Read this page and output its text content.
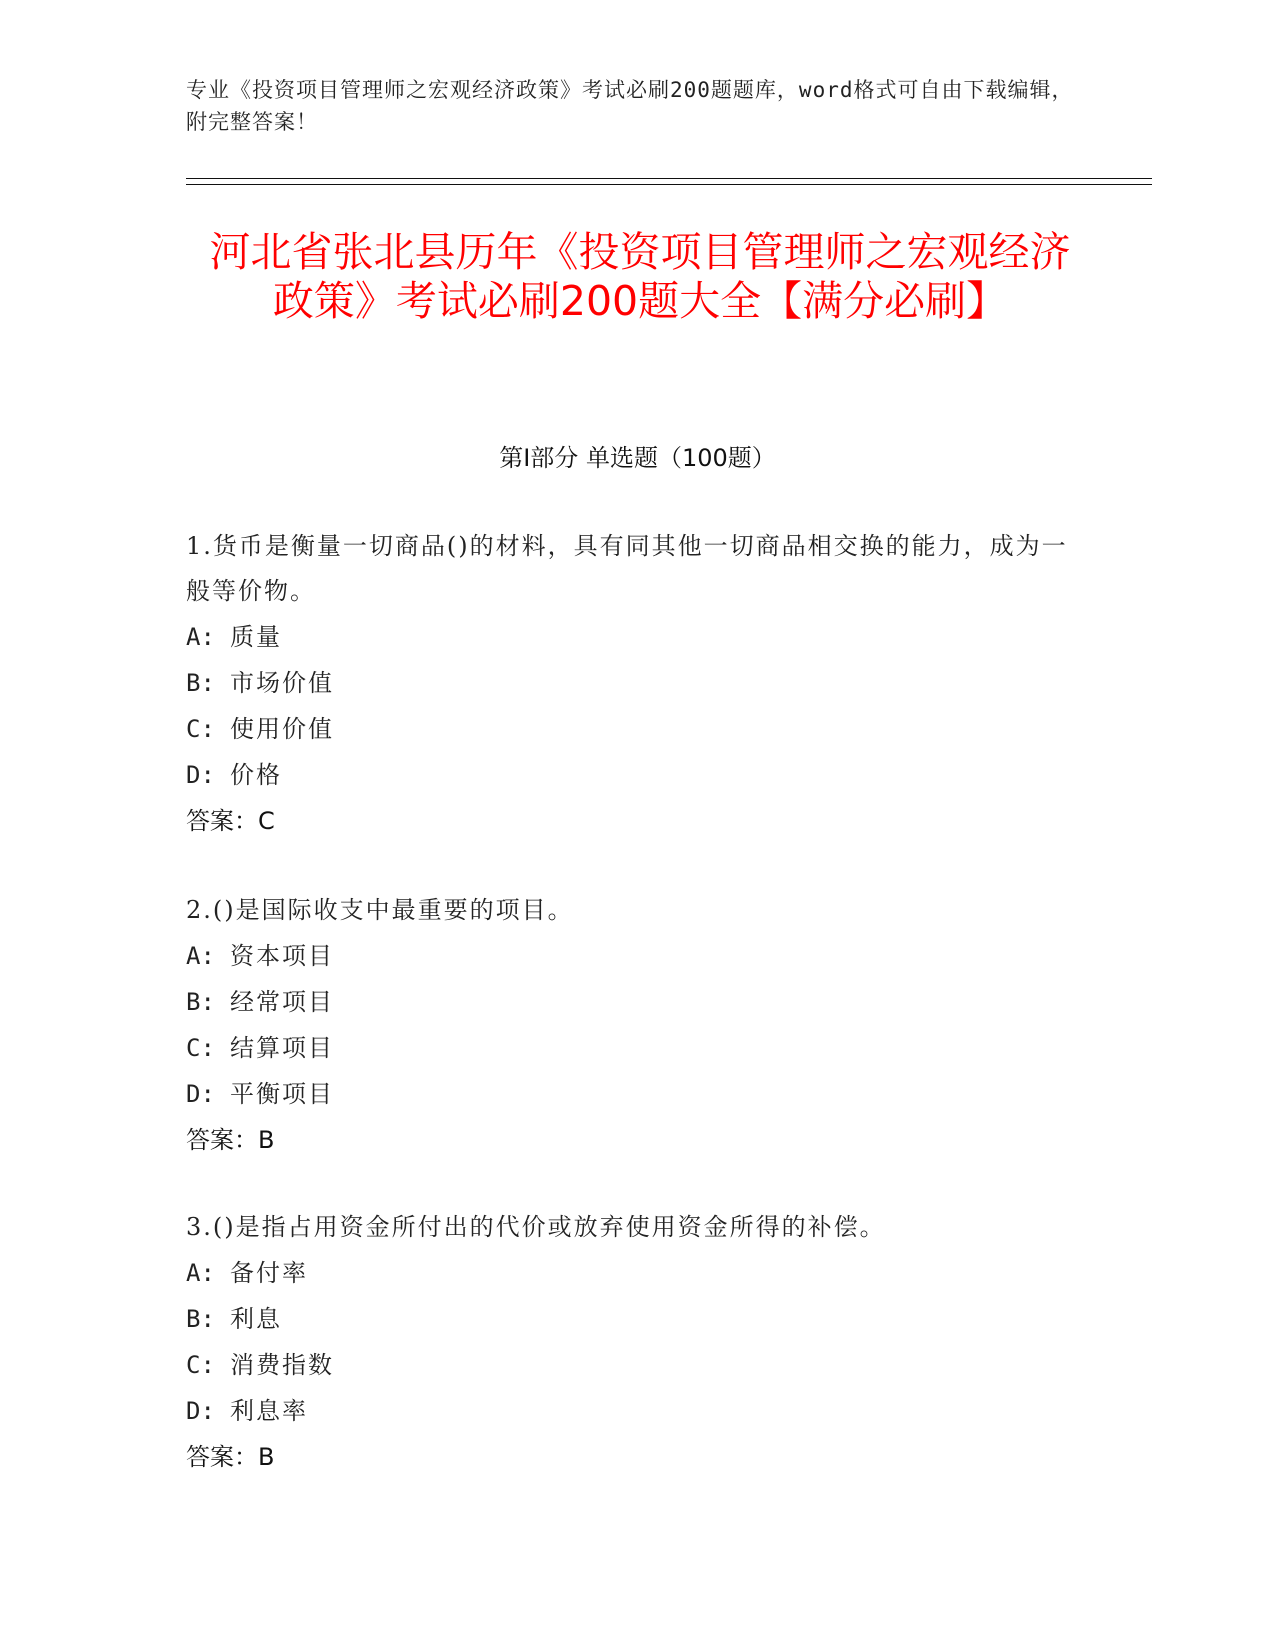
专业《投资项目管理师之宏观经济政策》考试必刷200题题库，word格式可自由下载编辑，附完整答案！
河北省张北县历年《投资项目管理师之宏观经济政策》考试必刷200题大全【满分必刷】
第Ⅰ部分 单选题（100题）
1.货币是衡量一切商品()的材料，具有同其他一切商品相交换的能力，成为一般等价物。
A: 质量
B: 市场价值
C: 使用价值
D: 价格
答案：C
2.()是国际收支中最重要的项目。
A: 资本项目
B: 经常项目
C: 结算项目
D: 平衡项目
答案：B
3.()是指占用资金所付出的代价或放弃使用资金所得的补偿。
A: 备付率
B: 利息
C: 消费指数
D: 利息率
答案：B
